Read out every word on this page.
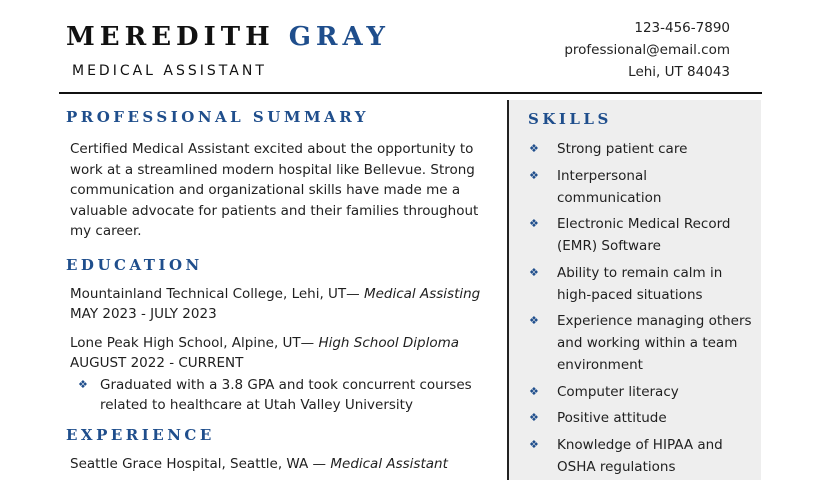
MEREDITH GRAY
MEDICAL ASSISTANT
123-456-7890
professional@email.com
Lehi, UT 84043
PROFESSIONAL SUMMARY

Certified Medical Assistant excited about the opportunity to work at a streamlined modern hospital like Bellevue. Strong communication and organizational skills have made me a valuable advocate for patients and their families throughout my career.

EDUCATION
Mountainland Technical College, Lehi, UT— Medical Assisting
MAY 2023 - JULY 2023
Lone Peak High School, Alpine, UT— High School Diploma
AUGUST 2022 - CURRENT
❖ Graduated with a 3.8 GPA and took concurrent courses related to healthcare at Utah Valley University
EXPERIENCE
Seattle Grace Hospital, Seattle, WA — Medical Assistant
SKILLS
❖	Strong patient care
❖	Interpersonal communication
❖	Electronic Medical Record (EMR) Software
❖	Ability to remain calm in high-paced situations
❖	Experience managing others and working within a team environment
❖	Computer literacy
❖	Positive attitude
❖	Knowledge of HIPAA and OSHA regulations
